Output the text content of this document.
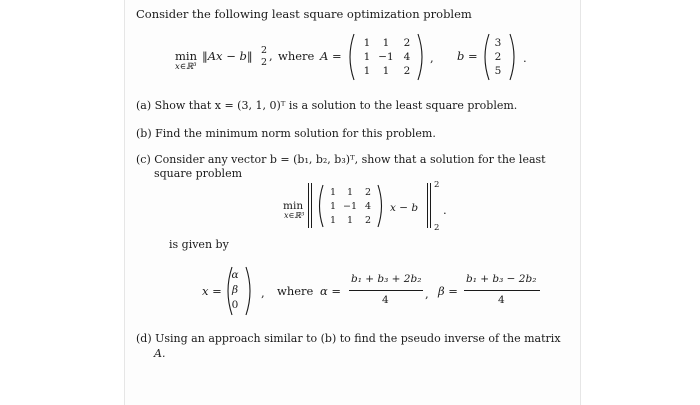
Consider the following least square optimization problem
min
x∈ℝ³
‖Ax − b‖ 2
2 , where A =
1	1	2
1 −1 4
1	1	2
, b =
3
2
5
.
(a) Show that x = (3, 1, 0)ᵀ is a solution to the least square problem.
(b) Find the minimum norm solution for this problem.
(c) Consider any vector b = (b₁, b₂, b₃)ᵀ, show that a solution for the least
square problem
min
x∈ℝ³
1	1	2
1 −1 4
1	1	2
x − b
2
2
.
is given by
x =
α
β
0
, where α =
b₁ + b₃ + 2b₂
4	, β =
b₁ + b₃ − 2b₂
4
(d) Using an approach similar to (b) to find the pseudo inverse of the matrix
A.
